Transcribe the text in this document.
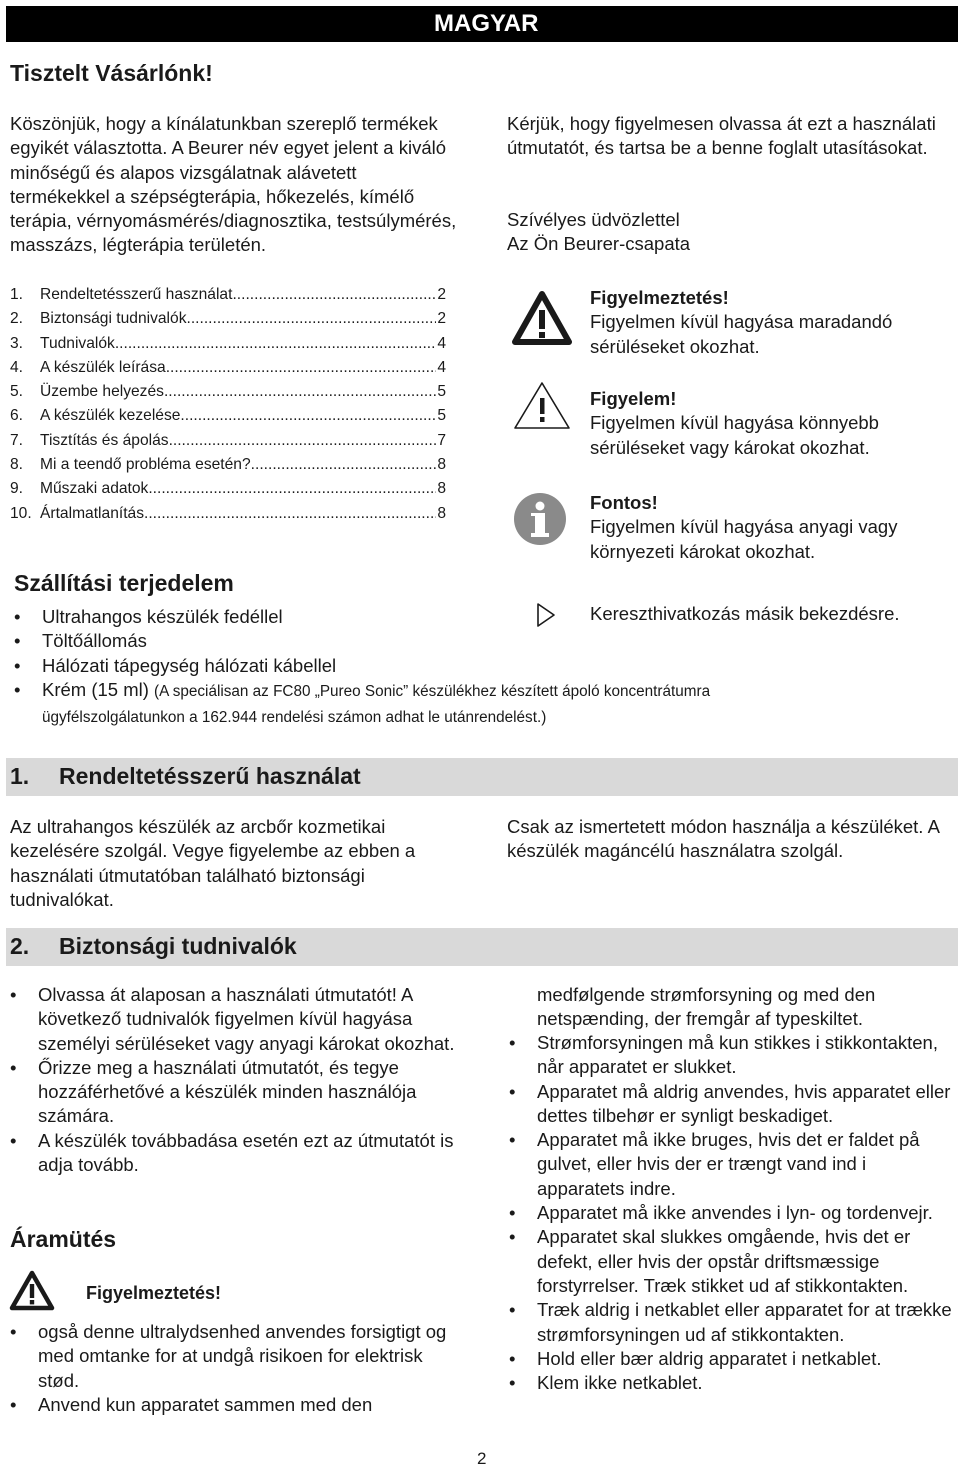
MAGYAR
Tisztelt Vásárlónk!
Köszönjük, hogy a kínálatunkban szereplő termékek egyikét választotta. A Beurer név egyet jelent a kiváló minőségű és alapos vizsgálatnak alávetett termékekkel a szépségterápia, hőkezelés, kímélő terápia, vérnyomásmérés/diagnosztika, testsúlymérés, masszázs, légterápia területén.
Kérjük, hogy figyelmesen olvassa át ezt a használati útmutatót, és tartsa be a benne foglalt utasításokat.
Szívélyes üdvözlettel
Az Ön Beurer-csapata
1.	Rendeltetésszerű használat .....	2
2.	Biztonsági tudnivalók .....	2
3.	Tudnivalók .....	4
4.	A készülék leírása .....	4
5.	Üzembe helyezés .....	5
6.	A készülék kezelése .....	5
7.	Tisztítás és ápolás .....	7
8.	Mi a teendő probléma esetén? .....	8
9.	Műszaki adatok .....	8
10. Ártalmatlanítás .....	8
Figyelmeztetés!
Figyelmen kívül hagyása maradandó sérüléseket okozhat.
Figyelem!
Figyelmen kívül hagyása könnyebb sérüléseket vagy károkat okozhat.
Fontos!
Figyelmen kívül hagyása anyagi vagy környezeti károkat okozhat.
Kereszthivatkozás másik bekezdésre.
Szállítási terjedelem
• Ultrahangos készülék fedéllel
• Töltőállomás
• Hálózati tápegység hálózati kábellel
• Krém (15 ml) (A speciálisan az FC80 „Pureo Sonic” készülékhez készített ápoló koncentrátumra ügyfélszolgálatunkon a 162.944 rendelési számon adhat le utánrendelést.)
1. Rendeltetésszerű használat
Az ultrahangos készülék az arcbőr kozmetikai kezelésére szolgál. Vegye figyelembe az ebben a használati útmutatóban található biztonsági tudnivalókat.
Csak az ismertetett módon használja a készüléket. A készülék magáncélú használatra szolgál.
2. Biztonsági tudnivalók
• Olvassa át alaposan a használati útmutatót! A következő tudnivalók figyelmen kívül hagyása személyi sérüléseket vagy anyagi károkat okozhat.
• Őrizze meg a használati útmutatót, és tegye hozzáférhetővé a készülék minden használója számára.
• A készülék továbbadása esetén ezt az útmutatót is adja tovább.
Áramütés
Figyelmeztetés!
• også denne ultralydsenhed anvendes forsigtigt og med omtanke for at undgå risikoen for elektrisk stød.
• Anvend kun apparatet sammen med den
medfølgende strømforsyning og med den netspænding, der fremgår af typeskiltet.
• Strømforsyningen må kun stikkes i stikkontakten, når apparatet er slukket.
• Apparatet må aldrig anvendes, hvis apparatet eller dettes tilbehør er synligt beskadiget.
• Apparatet må ikke bruges, hvis det er faldet på gulvet, eller hvis der er trængt vand ind i apparatets indre.
• Apparatet må ikke anvendes i lyn- og tordenvejr.
• Apparatet skal slukkes omgående, hvis det er defekt, eller hvis der opstår driftsmæssige forstyrrelser. Træk stikket ud af stikkontakten.
• Træk aldrig i netkablet eller apparatet for at trække strømforsyningen ud af stikkontakten.
• Hold eller bær aldrig apparatet i netkablet.
• Klem ikke netkablet.
2
